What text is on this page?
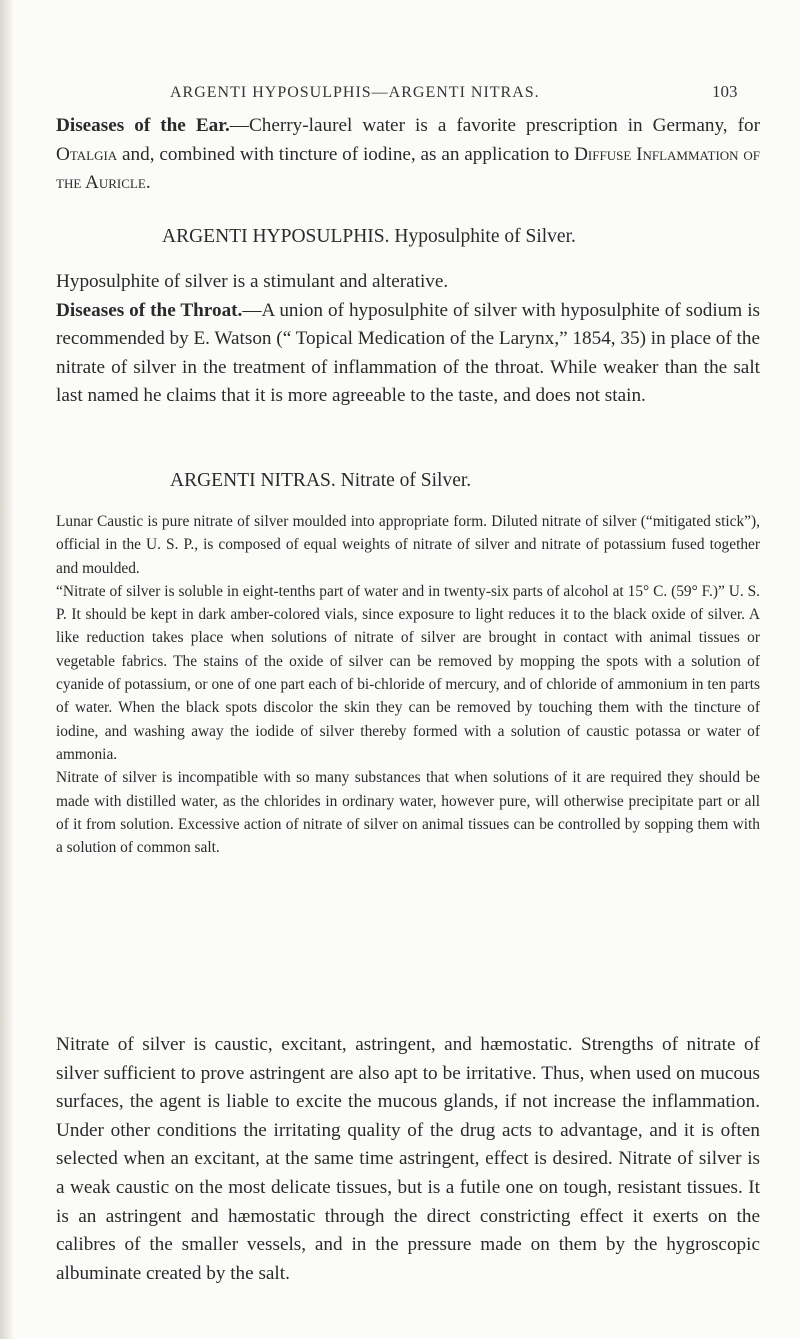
ARGENTI HYPOSULPHIS—ARGENTI NITRAS.	103

Diseases of the Ear.—Cherry-laurel water is a favorite prescription in Germany, for Otalgia and, combined with tincture of iodine, as an application to Diffuse Inflammation of the Auricle.

ARGENTI HYPOSULPHIS. Hyposulphite of Silver.

Hyposulphite of silver is a stimulant and alterative.

Diseases of the Throat.—A union of hyposulphite of silver with hyposulphite of sodium is recommended by E. Watson (“ Topical Medication of the Larynx,” 1854, 35) in place of the nitrate of silver in the treatment of inflammation of the throat. While weaker than the salt last named he claims that it is more agreeable to the taste, and does not stain.

ARGENTI NITRAS. Nitrate of Silver.

Lunar Caustic is pure nitrate of silver moulded into appropriate form. Diluted nitrate of silver (“mitigated stick”), official in the U. S. P., is composed of equal weights of nitrate of silver and nitrate of potassium fused together and moulded.

“Nitrate of silver is soluble in eight-tenths part of water and in twenty-six parts of alcohol at 15° C. (59° F.)” U. S. P. It should be kept in dark amber-colored vials, since exposure to light reduces it to the black oxide of silver. A like reduction takes place when solutions of nitrate of silver are brought in contact with animal tissues or vegetable fabrics. The stains of the oxide of silver can be removed by mopping the spots with a solution of cyanide of potassium, or one of one part each of bi-chloride of mercury, and of chloride of ammonium in ten parts of water. When the black spots discolor the skin they can be removed by touching them with the tincture of iodine, and washing away the iodide of silver thereby formed with a solution of caustic potassa or water of ammonia.

Nitrate of silver is incompatible with so many substances that when solutions of it are required they should be made with distilled water, as the chlorides in ordinary water, however pure, will otherwise precipitate part or all of it from solution. Excessive action of nitrate of silver on animal tissues can be controlled by sopping them with a solution of common salt.

Nitrate of silver is caustic, excitant, astringent, and hæmostatic. Strengths of nitrate of silver sufficient to prove astringent are also apt to be irritative. Thus, when used on mucous surfaces, the agent is liable to excite the mucous glands, if not increase the inflammation. Under other conditions the irritating quality of the drug acts to advantage, and it is often selected when an excitant, at the same time astringent, effect is desired. Nitrate of silver is a weak caustic on the most delicate tissues, but is a futile one on tough, resistant tissues. It is an astringent and hæmostatic through the direct constricting effect it exerts on the calibres of the smaller vessels, and in the pressure made on them by the hygroscopic albuminate created by the salt.
